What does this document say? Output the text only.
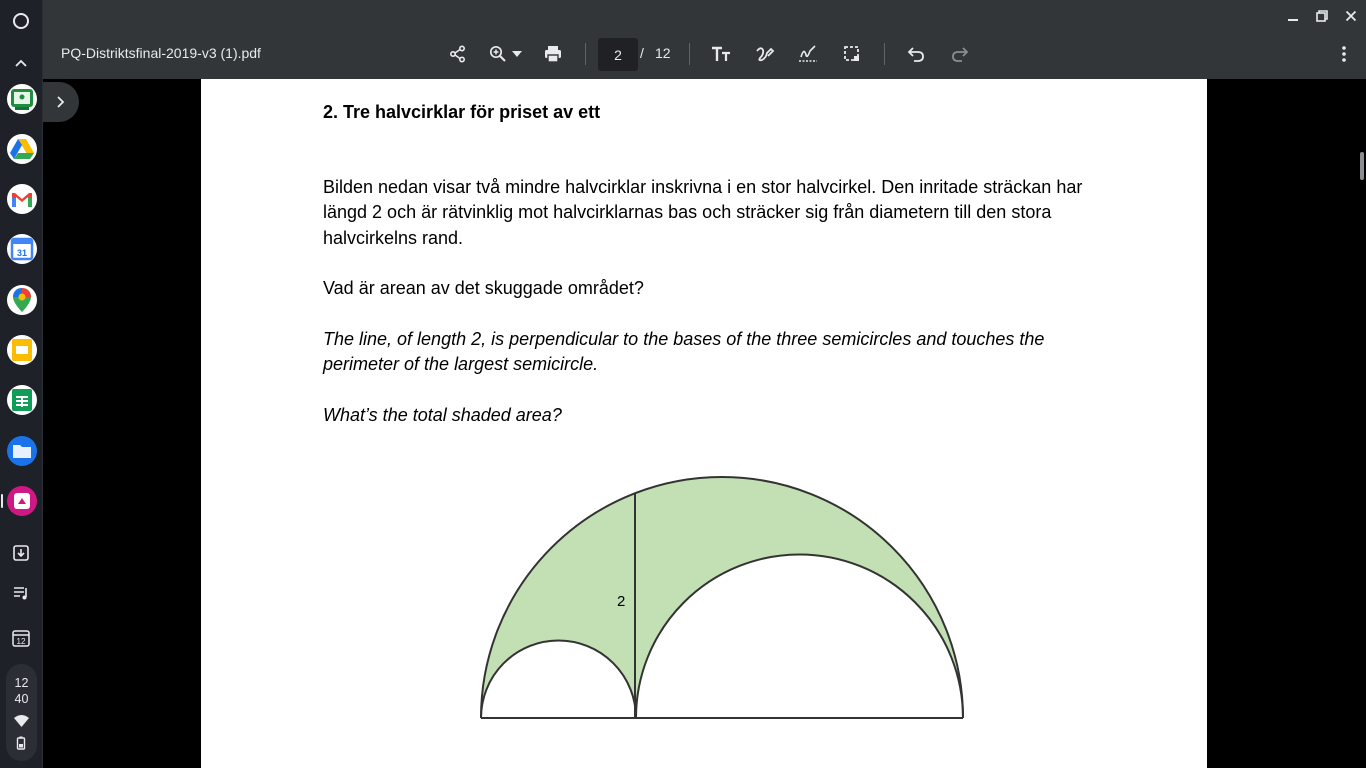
31
12
12
40
PQ-Distriktsfinal-2019-v3 (1).pdf
2	/ 12
2. Tre halvcirklar för priset av ett

Bilden nedan visar två mindre halvcirklar inskrivna i en stor halvcirkel. Den inritade sträckan har längd 2 och är rätvinklig mot halvcirklarnas bas och sträcker sig från diametern till den stora halvcirkelns rand.

Vad är arean av det skuggade området?

The line, of length 2, is perpendicular to the bases of the three semicircles and touches the perimeter of the largest semicircle.

What’s the total shaded area?

2
